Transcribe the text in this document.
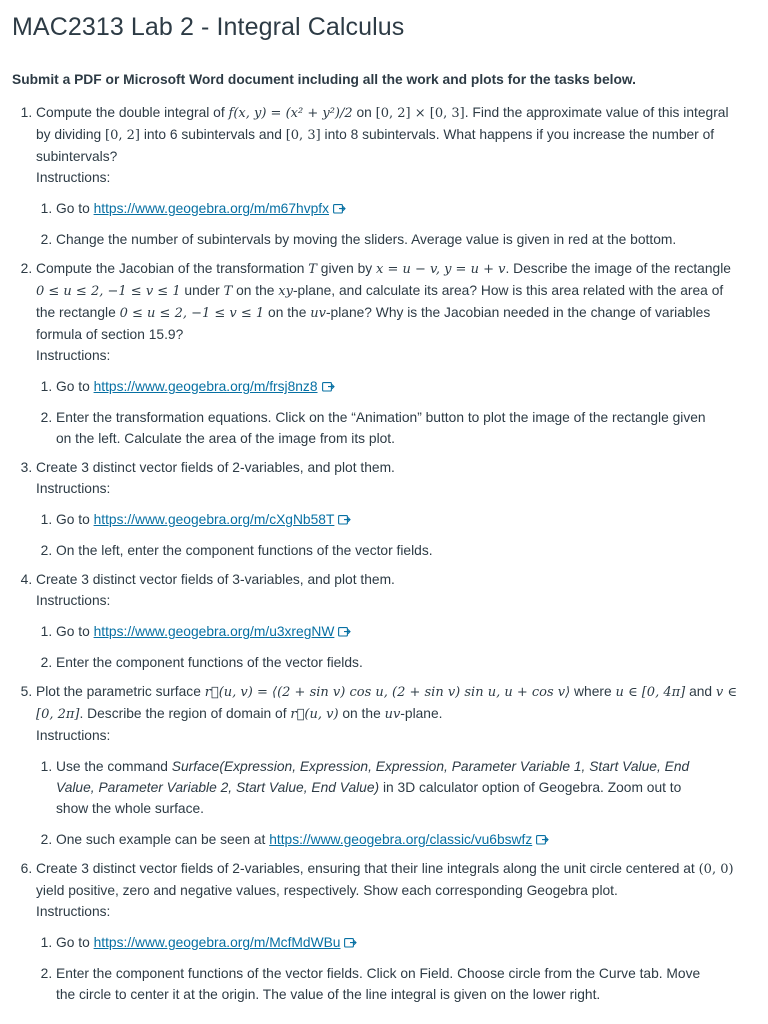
MAC2313 Lab 2 - Integral Calculus

Submit a PDF or Microsoft Word document including all the work and plots for the tasks below.

1. Compute the double integral of f(x, y) = (x² + y²)/2 on [0, 2] × [0, 3]. Find the approximate value of this integral by dividing [0, 2] into 6 subintervals and [0, 3] into 8 subintervals. What happens if you increase the number of subintervals?
Instructions:
1. Go to https://www.geogebra.org/m/m67hvpfx
2. Change the number of subintervals by moving the sliders. Average value is given in red at the bottom.
2. Compute the Jacobian of the transformation T given by x = u − v, y = u + v. Describe the image of the rectangle 0 ≤ u ≤ 2, −1 ≤ v ≤ 1 under T on the xy-plane, and calculate its area? How is this area related with the area of the rectangle 0 ≤ u ≤ 2, −1 ≤ v ≤ 1 on the uv-plane? Why is the Jacobian needed in the change of variables formula of section 15.9?
Instructions:
1. Go to https://www.geogebra.org/m/frsj8nz8
2. Enter the transformation equations. Click on the “Animation” button to plot the image of the rectangle given on the left. Calculate the area of the image from its plot.
3. Create 3 distinct vector fields of 2-variables, and plot them.
Instructions:
1. Go to https://www.geogebra.org/m/cXgNb58T
2. On the left, enter the component functions of the vector fields.
4. Create 3 distinct vector fields of 3-variables, and plot them.
Instructions:
1. Go to https://www.geogebra.org/m/u3xregNW
2. Enter the component functions of the vector fields.
5. Plot the parametric surface r⃗(u, v) = ⟨(2 + sin v) cos u, (2 + sin v) sin u, u + cos v⟩ where u ∈ [0, 4π] and v ∈ [0, 2π]. Describe the region of domain of r⃗(u, v) on the uv-plane.
Instructions:
1. Use the command Surface(Expression, Expression, Expression, Parameter Variable 1, Start Value, End Value, Parameter Variable 2, Start Value, End Value) in 3D calculator option of Geogebra. Zoom out to show the whole surface.
2. One such example can be seen at https://www.geogebra.org/classic/vu6bswfz
6. Create 3 distinct vector fields of 2-variables, ensuring that their line integrals along the unit circle centered at (0, 0) yield positive, zero and negative values, respectively. Show each corresponding Geogebra plot.
Instructions:
1. Go to https://www.geogebra.org/m/McfMdWBu
2. Enter the component functions of the vector fields. Click on Field. Choose circle from the Curve tab. Move the circle to center it at the origin. The value of the line integral is given on the lower right.
